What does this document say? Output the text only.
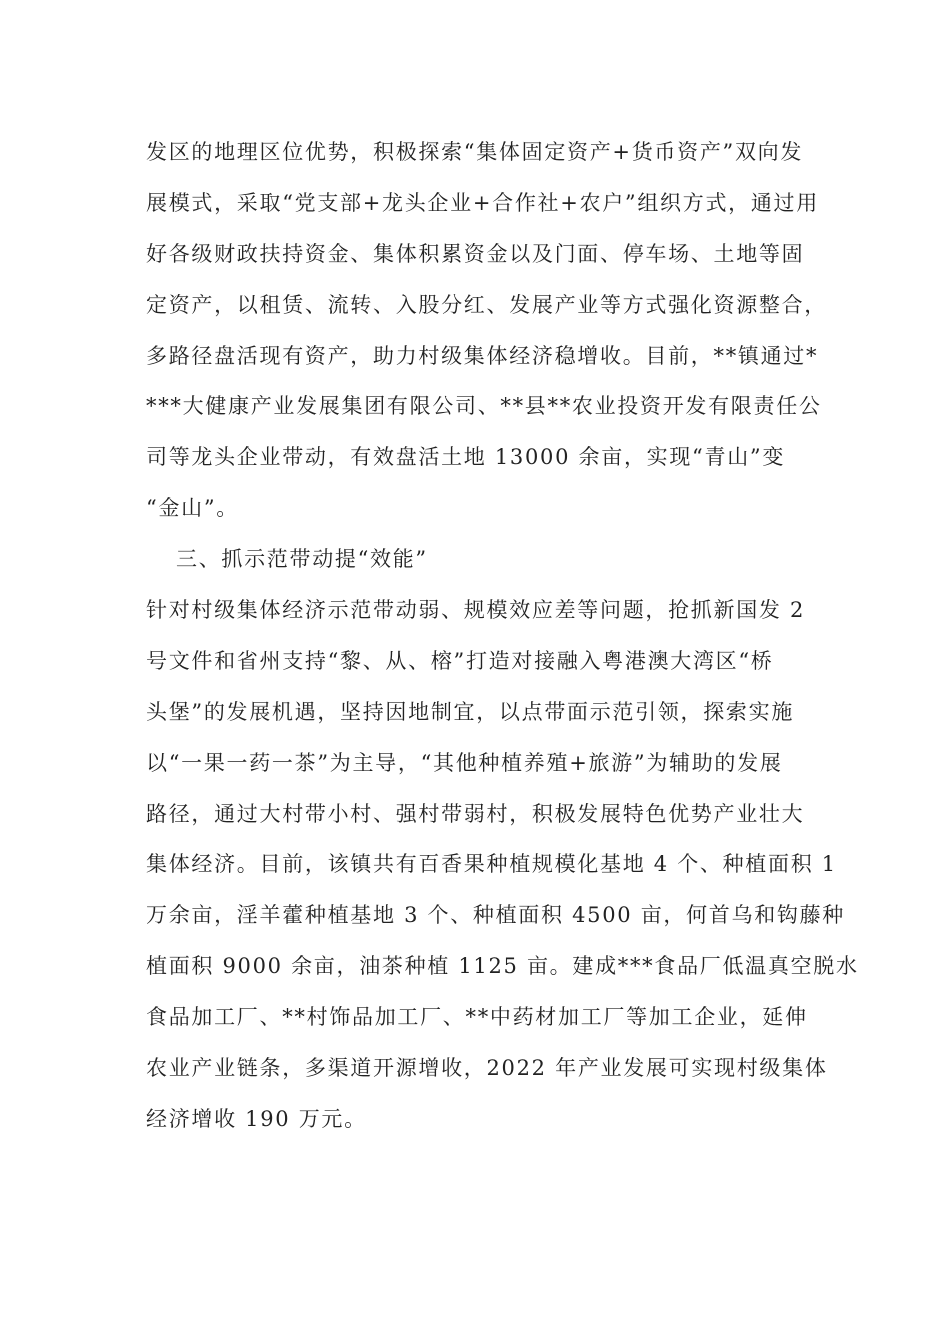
发区的地理区位优势，积极探索“集体固定资产+货币资产”双向发
展模式，采取“党支部+龙头企业+合作社+农户”组织方式，通过用
好各级财政扶持资金、集体积累资金以及门面、停车场、土地等固
定资产，以租赁、流转、入股分红、发展产业等方式强化资源整合，
多路径盘活现有资产，助力村级集体经济稳增收。目前，**镇通过*
***大健康产业发展集团有限公司、**县**农业投资开发有限责任公
司等龙头企业带动，有效盘活土地 13000 余亩，实现“青山”变
“金山”。
三、抓示范带动提“效能”
针对村级集体经济示范带动弱、规模效应差等问题，抢抓新国发 2
号文件和省州支持“黎、从、榕”打造对接融入粤港澳大湾区“桥
头堡”的发展机遇，坚持因地制宜，以点带面示范引领，探索实施
以“一果一药一茶”为主导，“其他种植养殖+旅游”为辅助的发展
路径，通过大村带小村、强村带弱村，积极发展特色优势产业壮大
集体经济。目前，该镇共有百香果种植规模化基地 4 个、种植面积 1
万余亩，淫羊藿种植基地 3 个、种植面积 4500 亩，何首乌和钩藤种
植面积 9000 余亩，油茶种植 1125 亩。建成***食品厂低温真空脱水
食品加工厂、**村饰品加工厂、**中药材加工厂等加工企业，延伸
农业产业链条，多渠道开源增收，2022 年产业发展可实现村级集体
经济增收 190 万元。
